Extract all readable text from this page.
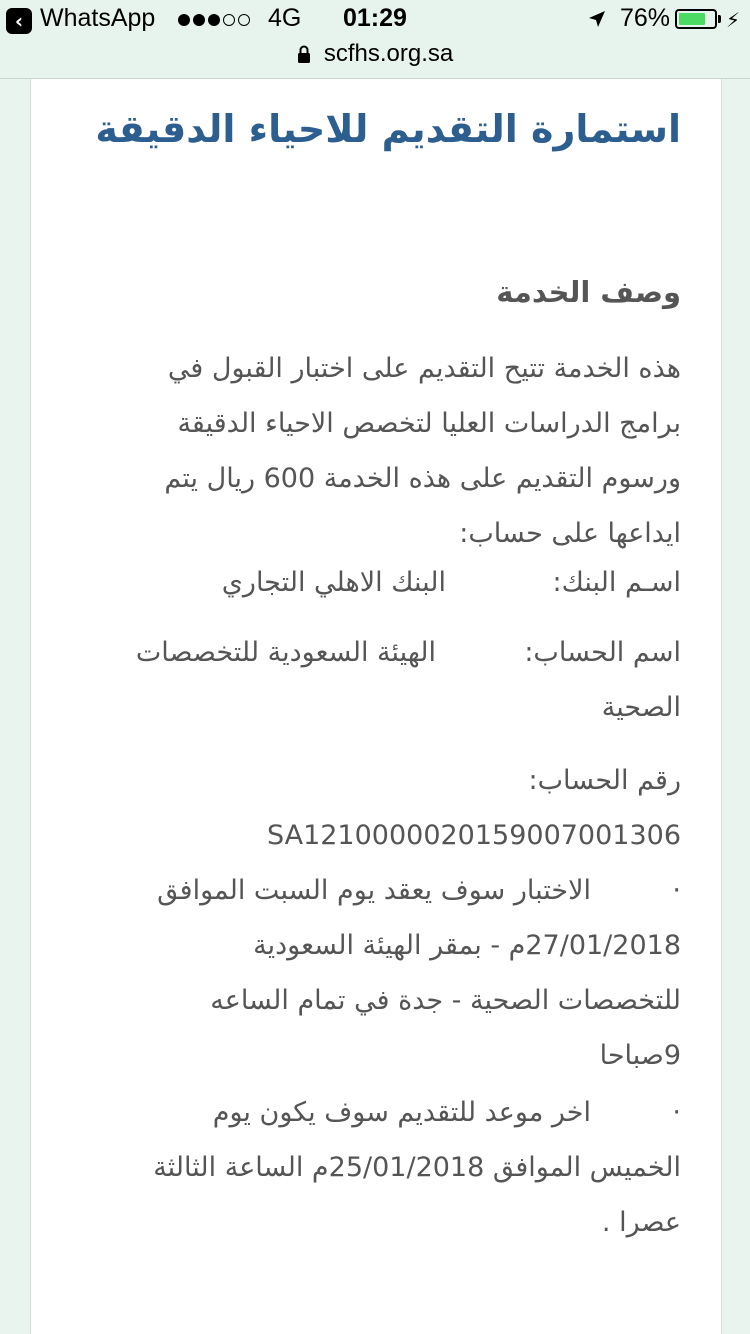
‹ WhatsApp	4G 01:29	76%	⚡
scfhs.org.sa
استمارة التقديم للاحياء الدقيقة
وصف الخدمة

هذه الخدمة تتيح التقديم على اختبار القبول في
برامج الدراسات العليا لتخصص الاحياء الدقيقة
ورسوم التقديم على هذه الخدمة 600 ريال يتم
ايداعها على حساب:

اسـم البنك:
البنك الاهلي التجاري
اسم الحساب:
الهيئة السعودية للتخصصات
الصحية
رقم الحساب:
SA1210000020159007001306
·
الاختبار سوف يعقد يوم السبت الموافق
27/01/2018م - بمقر الهيئة السعودية
للتخصصات الصحية - جدة في تمام الساعه
9صباحا
·
اخر موعد للتقديم سوف يكون يوم
الخميس الموافق 25/01/2018م الساعة الثالثة
عصرا .
